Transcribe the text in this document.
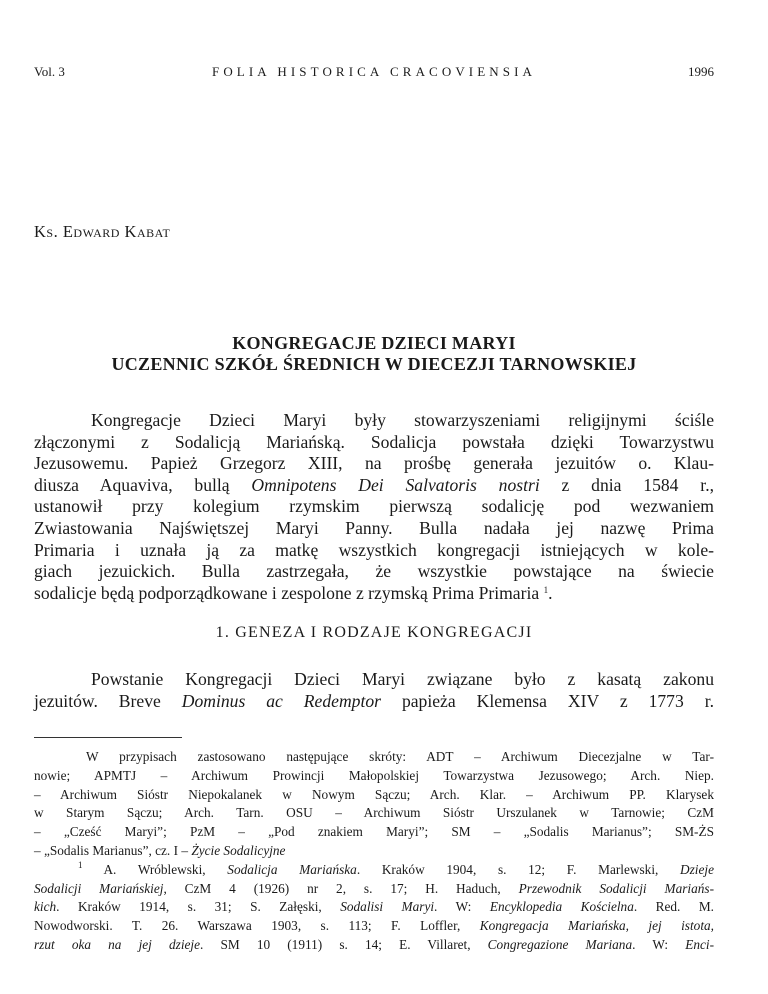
Vol. 3	FOLIA HISTORICA CRACOVIENSIA	1996
Ks. Edward Kabat
KONGREGACJE DZIECI MARYI
UCZENNIC SZKÓŁ ŚREDNICH W DIECEZJI TARNOWSKIEJ
Kongregacje Dzieci Maryi były stowarzyszeniami religijnymi ściśle
złączonymi z Sodalicją Mariańską. Sodalicja powstała dzięki Towarzystwu
Jezusowemu. Papież Grzegorz XIII, na prośbę generała jezuitów o. Klau-
diusza Aquaviva, bullą Omnipotens Dei Salvatoris nostri z dnia 1584 r.,
ustanowił przy kolegium rzymskim pierwszą sodalicję pod wezwaniem
Zwiastowania Najświętszej Maryi Panny. Bulla nadała jej nazwę Prima
Primaria i uznała ją za matkę wszystkich kongregacji istniejących w kole-
giach jezuickich. Bulla zastrzegała, że wszystkie powstające na świecie
sodalicje będą podporządkowane i zespolone z rzymską Prima Primaria $^1$.
1. GENEZA I RODZAJE KONGREGACJI
Powstanie Kongregacji Dzieci Maryi związane było z kasatą zakonu
jezuitów. Breve Dominus ac Redemptor papieża Klemensa XIV z 1773 r.
W przypisach zastosowano następujące skróty: ADT – Archiwum Diecezjalne w Tar-
nowie; APMTJ – Archiwum Prowincji Małopolskiej Towarzystwa Jezusowego; Arch. Niep.
– Archiwum Sióstr Niepokalanek w Nowym Sączu; Arch. Klar. – Archiwum PP. Klarysek
w Starym Sączu; Arch. Tarn. OSU – Archiwum Sióstr Urszulanek w Tarnowie; CzM
– „Cześć Maryi”; PzM – „Pod znakiem Maryi”; SM – „Sodalis Marianus”; SM-ŻS
– „Sodalis Marianus”, cz. I – Życie Sodalicyjne
$^1$ A. Wróblewski, Sodalicja Mariańska. Kraków 1904, s. 12; F. Marlewski, Dzieje
Sodalicji Mariańskiej, CzM 4 (1926) nr 2, s. 17; H. Haduch, Przewodnik Sodalicji Mariańs-
kich. Kraków 1914, s. 31; S. Załęski, Sodalisi Maryi. W: Encyklopedia Kościelna. Red. M.
Nowodworski. T. 26. Warszawa 1903, s. 113; F. Loffler, Kongregacja Mariańska, jej istota,
rzut oka na jej dzieje. SM 10 (1911) s. 14; E. Villaret, Congregazione Mariana. W: Enci-
